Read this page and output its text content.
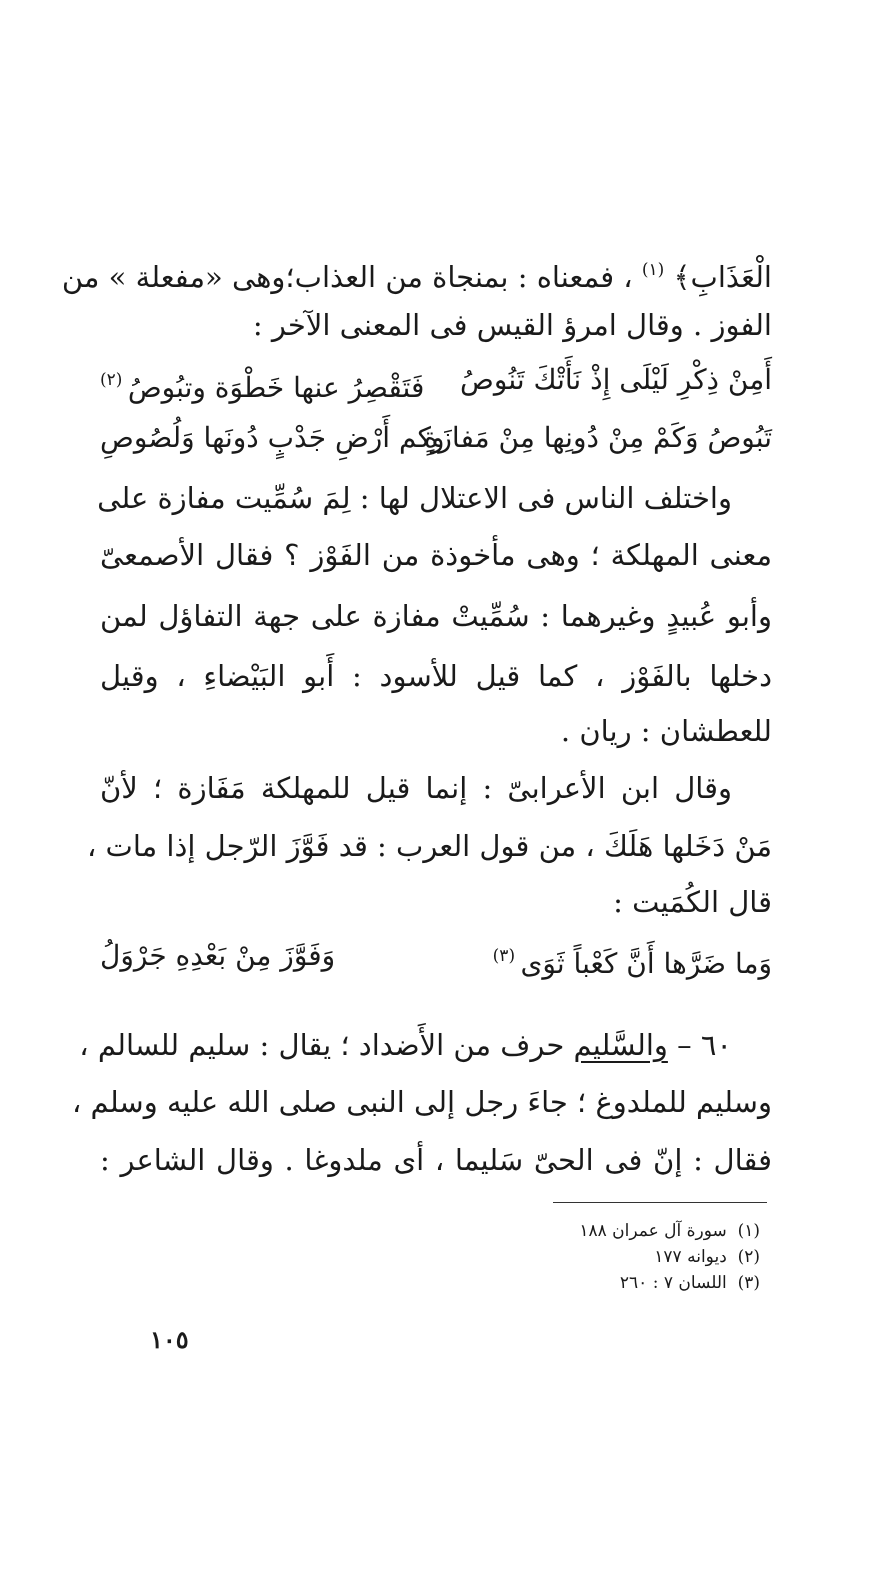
الْعَذَابِ﴾ $^{(١)}$ ، فمعناه : بمنجاة من العذاب؛وهى «مفعلة » من
الفوز . وقال امرؤ القيس فى المعنى الآخر :
أَمِنْ ذِكْرِ لَيْلَى إِذْ نَأَتْكَ تَنُوصُ
فَتَقْصِرُ عنها خَطْوَة وتبُوصُ $^{(٢)}$
تَبُوصُ وَكَمْ مِنْ دُونِها مِنْ مَفازَةٍ
وكم أَرْضِ جَدْبٍ دُونَها وَلُصُوصِ
واختلف الناس فى الاعتلال لها : لِمَ سُمِّيت مفازة على
معنى المهلكة ؛ وهى مأخوذة من الفَوْز ؟ فقال الأصمعىّ
وأبو عُبيدٍ وغيرهما : سُمِّيتْ مفازة على جهة التفاؤل لمن
دخلها بالفَوْز ، كما قيل للأسود : أَبو البَيْضاءِ ، وقيل
للعطشان : ريان .
وقال ابن الأعرابىّ : إنما قيل للمهلكة مَفَازة ؛ لأنّ
مَنْ دَخَلها هَلَكَ ، من قول العرب : قد فَوَّزَ الرّجل إذا مات ،
قال الكُمَيت :
وَما ضَرَّها أَنَّ كَعْباً ثَوَى $^{(٣)}$
وَفَوَّزَ مِنْ بَعْدِهِ جَرْوَلُ
٦٠ – والسَّليم حرف من الأَضداد ؛ يقال : سليم للسالم ،
وسليم للملدوغ ؛ جاءَ رجل إلى النبى صلى الله عليه وسلم ،
فقال : إنّ فى الحىّ سَليما ، أى ملدوغا . وقال الشاعر :
(١)  سورة آل عمران ١٨٨
(٢)  ديوانه ١٧٧
(٣)  اللسان ٧ : ٢٦٠
١٠٥
